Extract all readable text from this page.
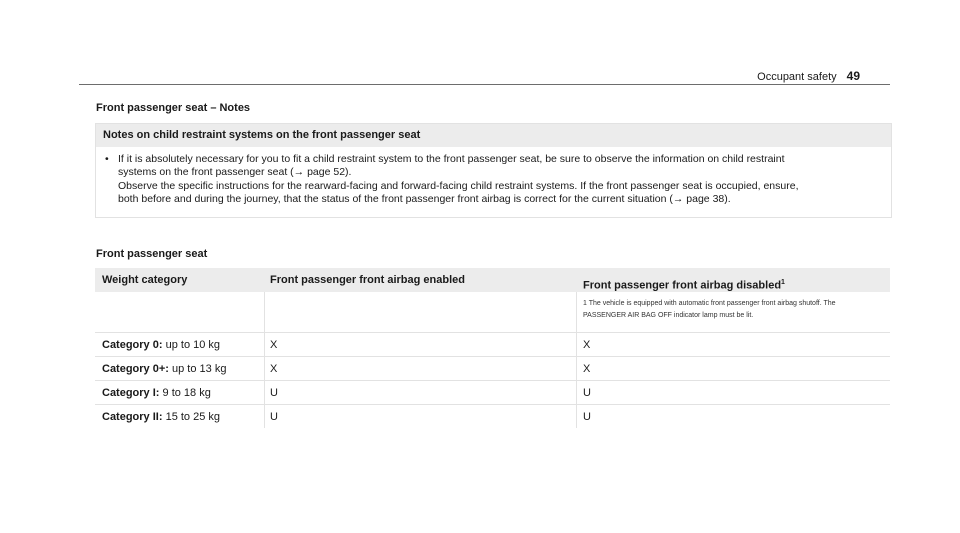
Occupant safety 49
Front passenger seat – Notes
Notes on child restraint systems on the front passenger seat
• If it is absolutely necessary for you to fit a child restraint system to the front passenger seat, be sure to observe the information on child restraint

systems on the front passenger seat (→ page 52).

Observe the specific instructions for the rearward-facing and forward-facing child restraint systems. If the front passenger seat is occupied, ensure,

both before and during the journey, that the status of the front passenger front airbag is correct for the current situation (→ page 38).

Front passenger seat
Weight category	Front passenger front airbag enabled	Front passenger front airbag disabled$^1$
1 The vehicle is equipped with automatic front passenger front airbag shutoff. The
PASSENGER AIR BAG OFF indicator lamp must be lit.
Category 0: up to 10 kg	X	X
Category 0+: up to 13 kg	X	X
Category I: 9 to 18 kg	U	U
Category II: 15 to 25 kg	U	U
